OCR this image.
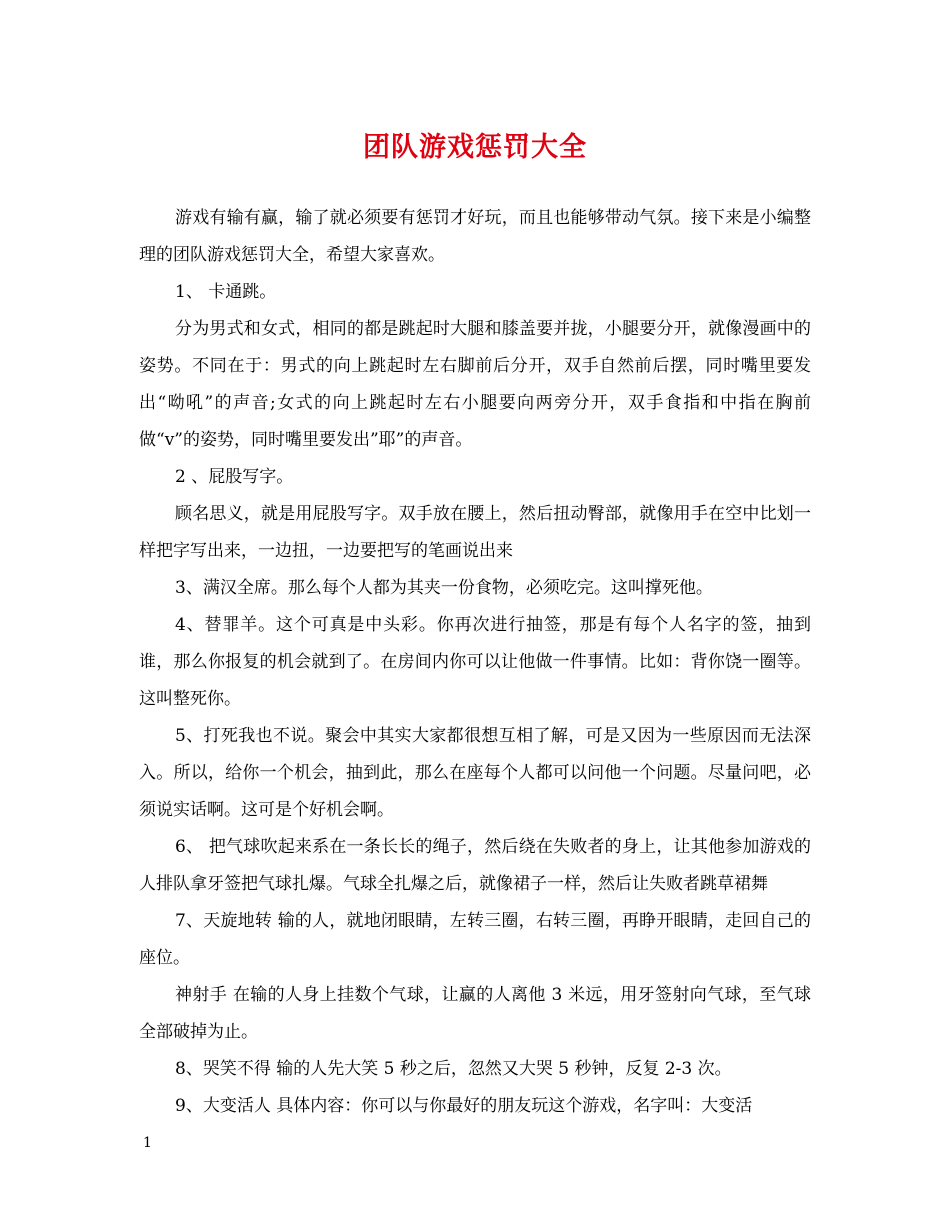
团队游戏惩罚大全

游戏有输有赢，输了就必须要有惩罚才好玩，而且也能够带动气氛。接下来是小编整理的团队游戏惩罚大全，希望大家喜欢。

1、 卡通跳。

分为男式和女式，相同的都是跳起时大腿和膝盖要并拢，小腿要分开，就像漫画中的姿势。不同在于：男式的向上跳起时左右脚前后分开，双手自然前后摆，同时嘴里要发出“呦吼”的声音;女式的向上跳起时左右小腿要向两旁分开，双手食指和中指在胸前做“v”的姿势，同时嘴里要发出”耶”的声音。

2 、屁股写字。

顾名思义，就是用屁股写字。双手放在腰上，然后扭动臀部，就像用手在空中比划一样把字写出来，一边扭，一边要把写的笔画说出来

3、满汉全席。那么每个人都为其夹一份食物，必须吃完。这叫撑死他。

4、替罪羊。这个可真是中头彩。你再次进行抽签，那是有每个人名字的签，抽到谁，那么你报复的机会就到了。在房间内你可以让他做一件事情。比如：背你饶一圈等。这叫整死你。

5、打死我也不说。聚会中其实大家都很想互相了解，可是又因为一些原因而无法深入。所以，给你一个机会，抽到此，那么在座每个人都可以问他一个问题。尽量问吧，必须说实话啊。这可是个好机会啊。

6、 把气球吹起来系在一条长长的绳子，然后绕在失败者的身上，让其他参加游戏的人排队拿牙签把气球扎爆。气球全扎爆之后，就像裙子一样，然后让失败者跳草裙舞

7、天旋地转 输的人，就地闭眼睛，左转三圈，右转三圈，再睁开眼睛，走回自己的座位。

神射手 在输的人身上挂数个气球，让赢的人离他 3 米远，用牙签射向气球，至气球全部破掉为止。

8、哭笑不得 输的人先大笑 5 秒之后，忽然又大哭 5 秒钟，反复 2-3 次。

9、大变活人 具体内容：你可以与你最好的朋友玩这个游戏，名字叫：大变活

1
